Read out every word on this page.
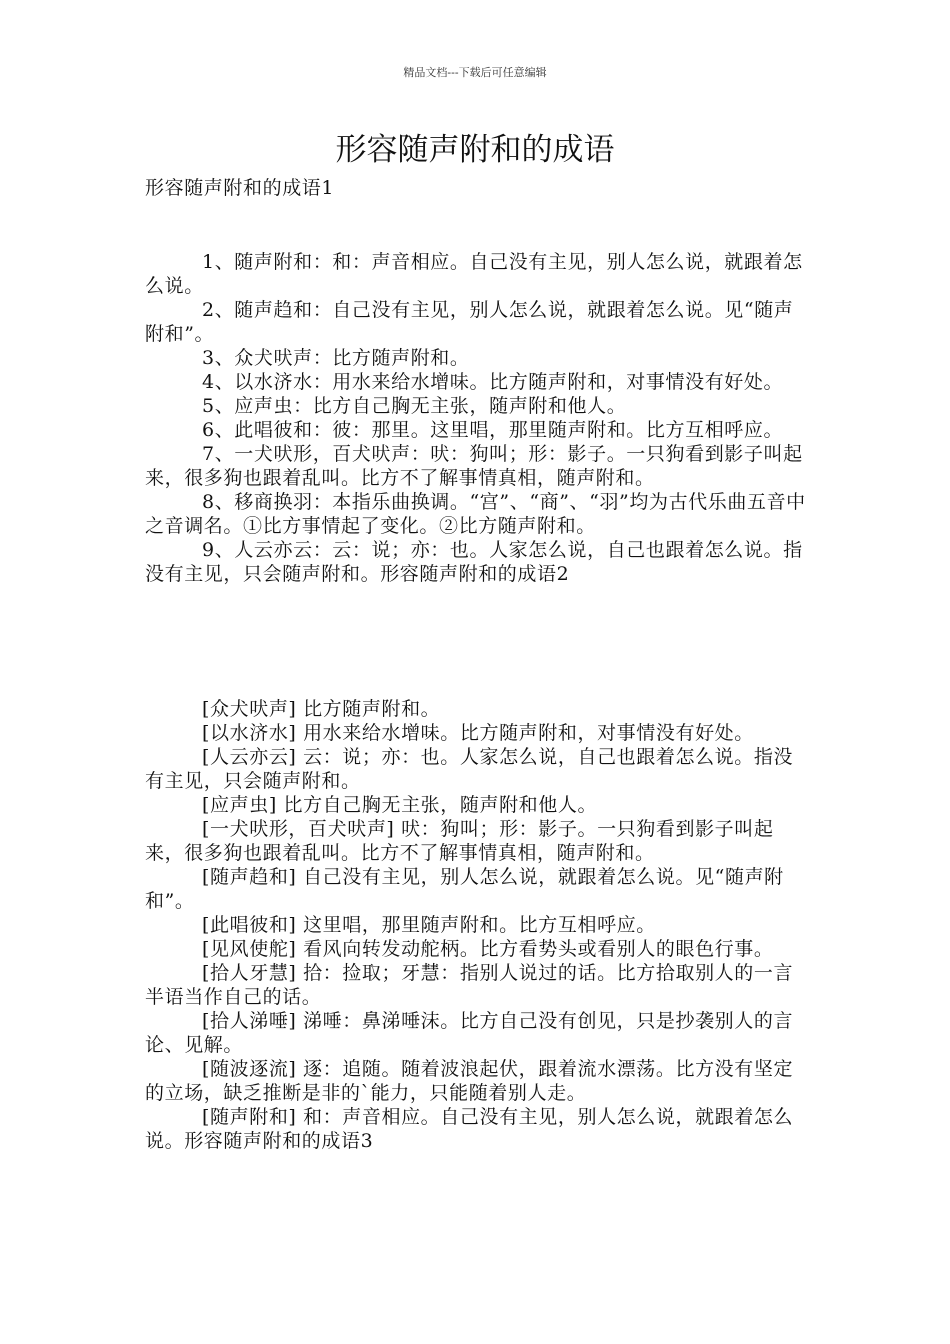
精品文档---下载后可任意编辑
形容随声附和的成语
形容随声附和的成语1

1、随声附和：和：声音相应。自己没有主见，别人怎么说，就跟着怎么说。

2、随声趋和：自己没有主见，别人怎么说，就跟着怎么说。见“随声附和”。

3、众犬吠声：比方随声附和。

4、以水济水：用水来给水增味。比方随声附和，对事情没有好处。

5、应声虫：比方自己胸无主张，随声附和他人。

6、此唱彼和：彼：那里。这里唱，那里随声附和。比方互相呼应。

7、一犬吠形，百犬吠声：吠：狗叫；形：影子。一只狗看到影子叫起来，很多狗也跟着乱叫。比方不了解事情真相，随声附和。

8、移商换羽：本指乐曲换调。“宫”、“商”、“羽”均为古代乐曲五音中之音调名。①比方事情起了变化。②比方随声附和。

9、人云亦云：云：说；亦：也。人家怎么说，自己也跟着怎么说。指没有主见，只会随声附和。形容随声附和的成语2

[众犬吠声] 比方随声附和。

[以水济水] 用水来给水增味。比方随声附和，对事情没有好处。

[人云亦云] 云：说；亦：也。人家怎么说，自己也跟着怎么说。指没有主见，只会随声附和。

[应声虫] 比方自己胸无主张，随声附和他人。

[一犬吠形，百犬吠声] 吠：狗叫；形：影子。一只狗看到影子叫起来，很多狗也跟着乱叫。比方不了解事情真相，随声附和。

[随声趋和] 自己没有主见，别人怎么说，就跟着怎么说。见“随声附和”。

[此唱彼和] 这里唱，那里随声附和。比方互相呼应。

[见风使舵] 看风向转发动舵柄。比方看势头或看别人的眼色行事。

[拾人牙慧] 拾：捡取；牙慧：指别人说过的话。比方拾取别人的一言半语当作自己的话。

[拾人涕唾] 涕唾：鼻涕唾沫。比方自己没有创见，只是抄袭别人的言论、见解。

[随波逐流] 逐：追随。随着波浪起伏，跟着流水漂荡。比方没有坚定的立场，缺乏推断是非的`能力，只能随着别人走。

[随声附和] 和：声音相应。自己没有主见，别人怎么说，就跟着怎么说。形容随声附和的成语3
